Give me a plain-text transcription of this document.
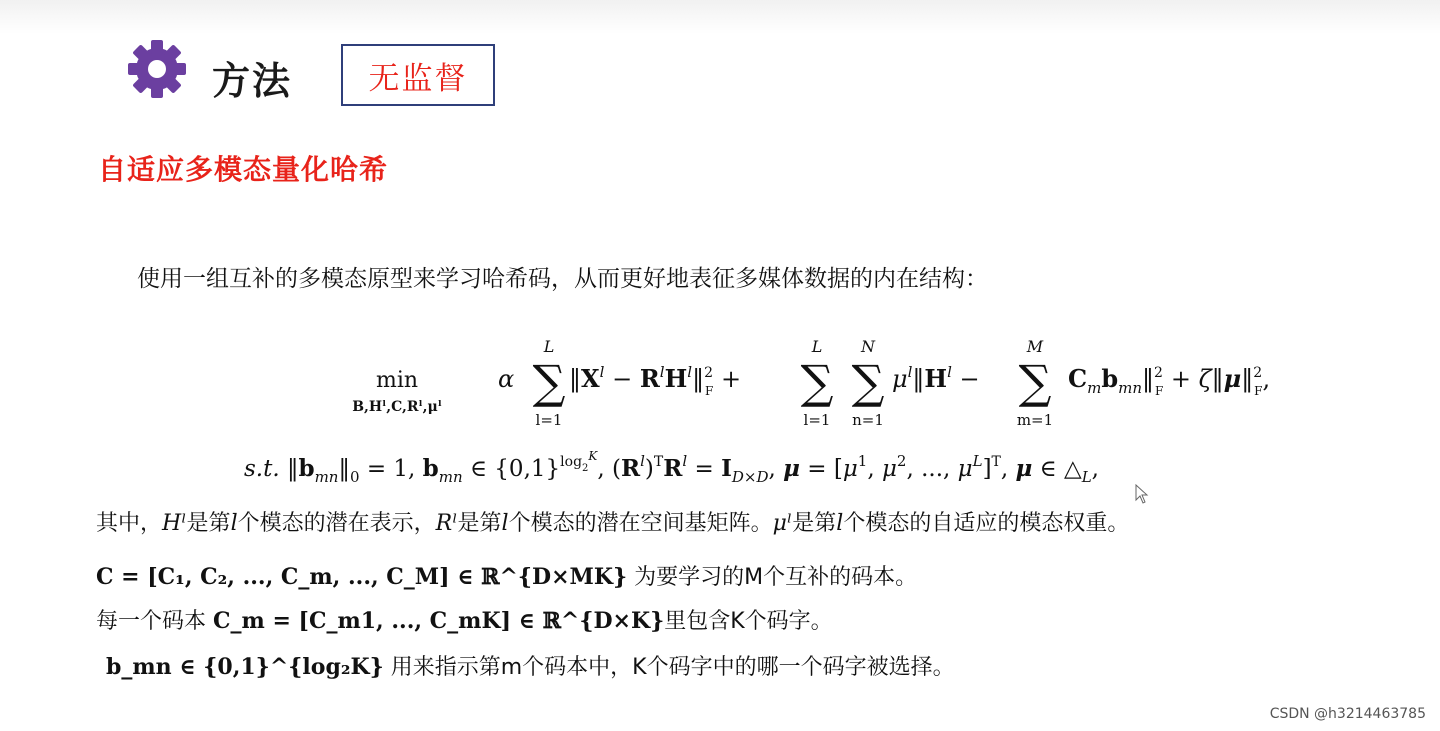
方法 无监督
自适应多模态量化哈希
使用一组互补的多模态原型来学习哈希码，从而更好地表征多媒体数据的内在结构：
min
B,Hˡ,C,Rˡ,μˡ
α
L
∑
l=1
$‖X^l$ − $R^lH^l‖^2$ F +
L
∑
l=1
N
∑
n=1
$\mu^l‖H^l$ −
M
∑
m=1
$C_mb_{mn}‖^2$ F + ζ‖μ‖$^2$ F,
s.t. $‖b_{mn}‖_0 = 1$, $b_{mn}$ ∈ $\{0,1\}^{log}_2^K$, $(R^l)^TR^l = I_{D\times D}$, $\mu = [\mu^1$, $\mu^2$, ..., $\mu^L]^T$, μ ∈ $\triangle_L$,
其中，Hˡ是第l个模态的潜在表示，Rˡ是第l个模态的潜在空间基矩阵。μˡ是第l个模态的自适应的模态权重。
C = [C₁, C₂, ..., C_m, ..., C_M] ∈ ℝ^{D×MK} 为要学习的M个互补的码本。
每一个码本 C_m = [C_m1, ..., C_mK] ∈ ℝ^{D×K}里包含K个码字。
b_mn ∈ {0,1}^{log₂K} 用来指示第m个码本中，K个码字中的哪一个码字被选择。
CSDN @h3214463785
